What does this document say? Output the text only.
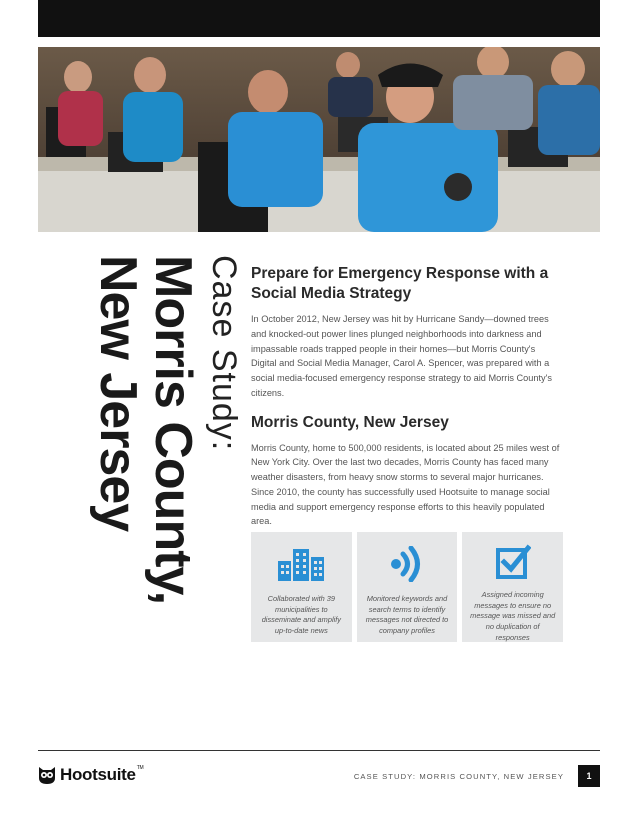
Case Study:
Morris County,
New Jersey	Prepare for Emergency Response with a Social Media Strategy
In October 2012, New Jersey was hit by Hurricane Sandy—downed trees and knocked-out power lines plunged neighborhoods into darkness and impassable roads trapped people in their homes—but Morris County's Digital and Social Media Manager, Carol A. Spencer, was prepared with a social media-focused emergency response strategy to aid Morris County's citizens.
Morris County, New Jersey
Morris County, home to 500,000 residents, is located about 25 miles west of New York City. Over the last two decades, Morris County has faced many weather disasters, from heavy snow storms to several major hurricanes. Since 2010, the county has successfully used Hootsuite to manage social media and support emergency response efforts to this heavily populated area.
Collaborated with 39 municipalities to disseminate and amplify up-to-date news
Monitored keywords and search terms to identify messages not directed to company profiles
Assigned incoming messages to ensure no message was missed and no duplication of responses
Hootsuite™
CASE STUDY: MORRIS COUNTY, NEW JERSEY	1
